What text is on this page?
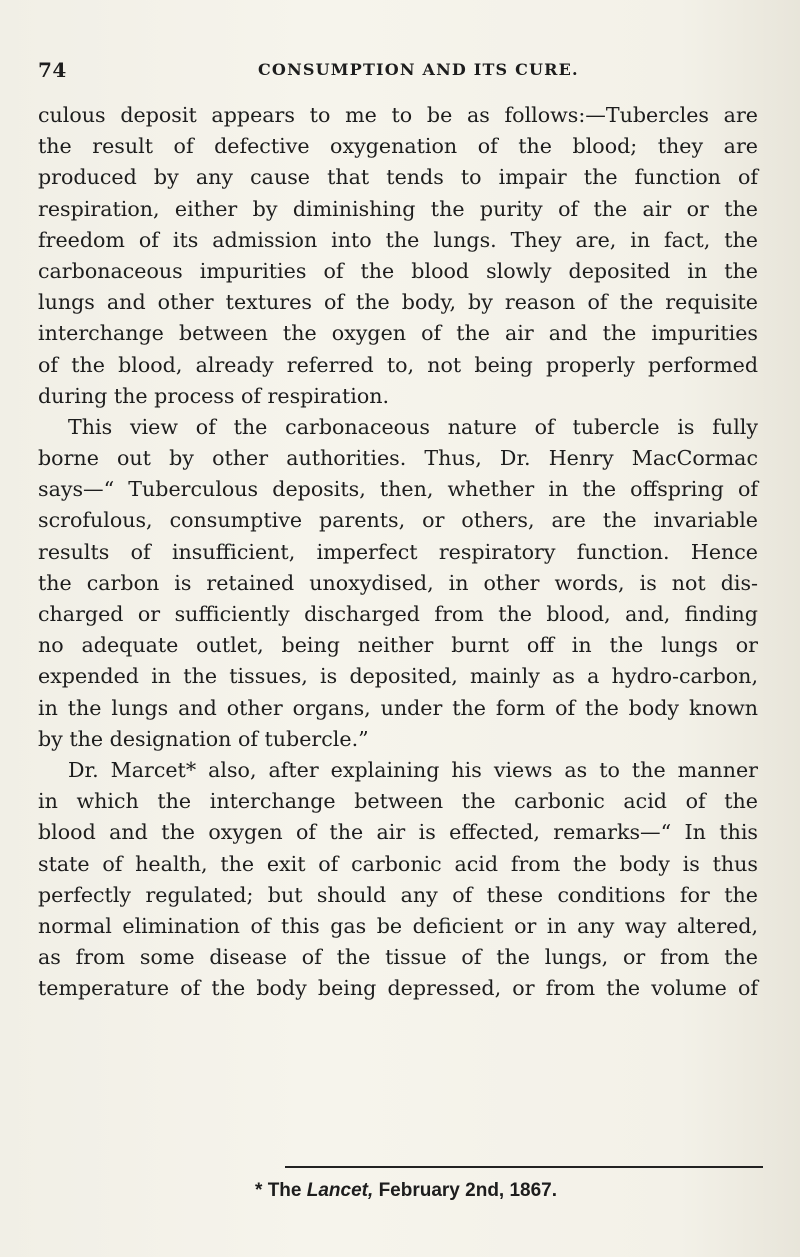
74	CONSUMPTION AND ITS CURE.
culous deposit appears to me to be as follows:—Tubercles are
the result of defective oxygenation of the blood; they are
produced by any cause that tends to impair the function of
respiration, either by diminishing the purity of the air or the
freedom of its admission into the lungs. They are, in fact, the
carbonaceous impurities of the blood slowly deposited in the
lungs and other textures of the body, by reason of the requisite
interchange between the oxygen of the air and the impurities
of the blood, already referred to, not being properly performed
during the process of respiration.
This view of the carbonaceous nature of tubercle is fully
borne out by other authorities. Thus, Dr. Henry MacCormac
says—“ Tuberculous deposits, then, whether in the offspring of
scrofulous, consumptive parents, or others, are the invariable
results of insufficient, imperfect respiratory function. Hence
the carbon is retained unoxydised, in other words, is not dis-
charged or sufficiently discharged from the blood, and, finding
no adequate outlet, being neither burnt off in the lungs or
expended in the tissues, is deposited, mainly as a hydro-carbon,
in the lungs and other organs, under the form of the body known
by the designation of tubercle.”
Dr. Marcet* also, after explaining his views as to the manner
in which the interchange between the carbonic acid of the
blood and the oxygen of the air is effected, remarks—“ In this
state of health, the exit of carbonic acid from the body is thus
perfectly regulated; but should any of these conditions for the
normal elimination of this gas be deficient or in any way altered,
as from some disease of the tissue of the lungs, or from the
temperature of the body being depressed, or from the volume of
* The Lancet, February 2nd, 1867.
